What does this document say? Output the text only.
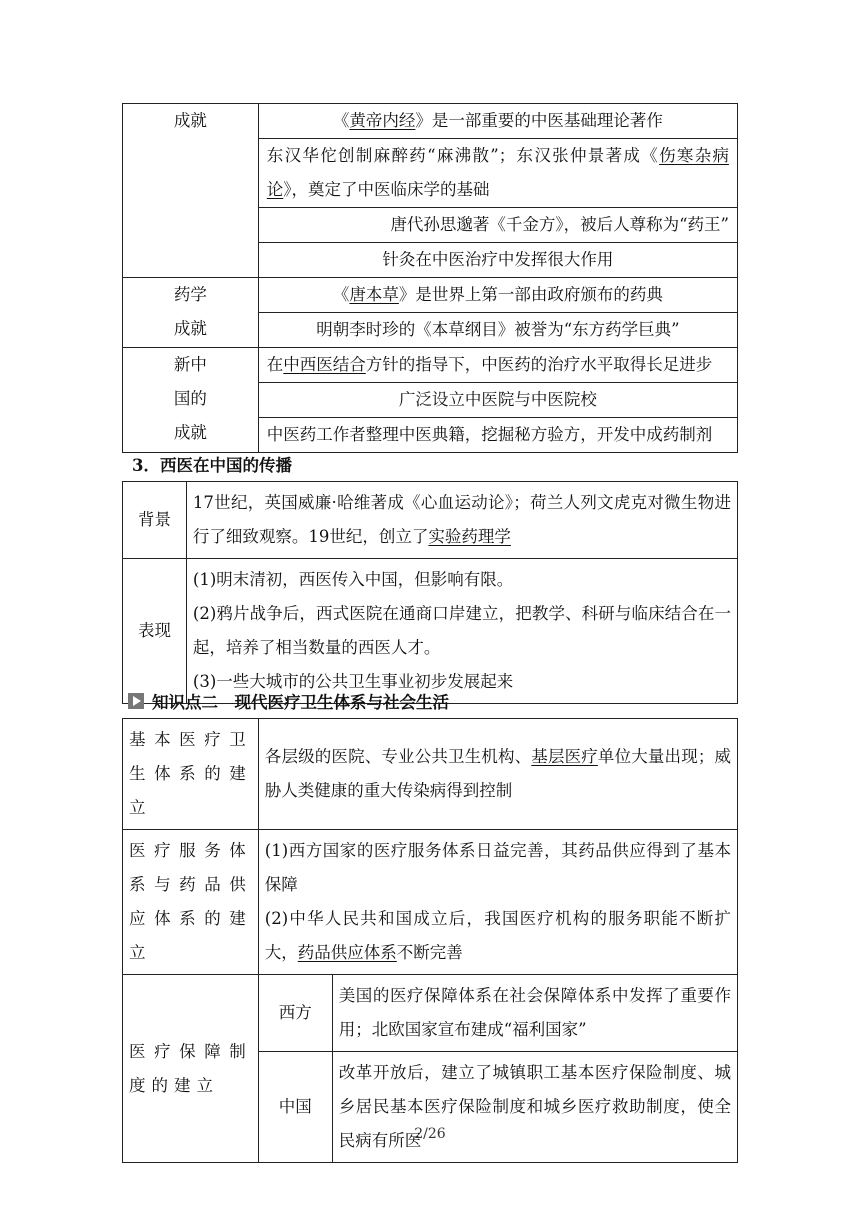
成就	《黄帝内经》是一部重要的中医基础理论著作

	东汉华佗创制麻醉药“麻沸散”；东汉张仲景著成《伤寒杂病论》，奠定了中医临床学的基础

	唐代孙思邈著《千金方》，被后人尊称为“药王”

	针灸在中医治疗中发挥很大作用

药学
成就	《唐本草》是世界上第一部由政府颁布的药典

	明朝李时珍的《本草纲目》被誉为“东方药学巨典”

新中
国的
成就	在中西医结合方针的指导下，中医药的治疗水平取得长足进步

	广泛设立中医院与中医院校

	中医药工作者整理中医典籍，挖掘秘方验方，开发中成药制剂
3．西医在中国的传播
背景	17世纪，英国威廉·哈维著成《心血运动论》；荷兰人列文虎克对微生物进行了细致观察。19世纪，创立了实验药理学

表现	(1)明末清初，西医传入中国，但影响有限。
(2)鸦片战争后，西式医院在通商口岸建立，把教学、科研与临床结合在一起，培养了相当数量的西医人才。
(3)一些大城市的公共卫生事业初步发展起来
知识点二　现代医疗卫生体系与社会生活
基本医疗卫生体系的建立	各层级的医院、专业公共卫生机构、基层医疗单位大量出现；威胁人类健康的重大传染病得到控制	

医疗服务体系与药品供应体系的建立	(1)西方国家的医疗服务体系日益完善，其药品供应得到了基本保障
(2)中华人民共和国成立后，我国医疗机构的服务职能不断扩大，药品供应体系不断完善	

医疗保障制度的建立	西方	美国的医疗保障体系在社会保障体系中发挥了重要作用；北欧国家宣布建成“福利国家”

	中国	改革开放后，建立了城镇职工基本医疗保险制度、城乡居民基本医疗保险制度和城乡医疗救助制度，使全民病有所医
2/26
